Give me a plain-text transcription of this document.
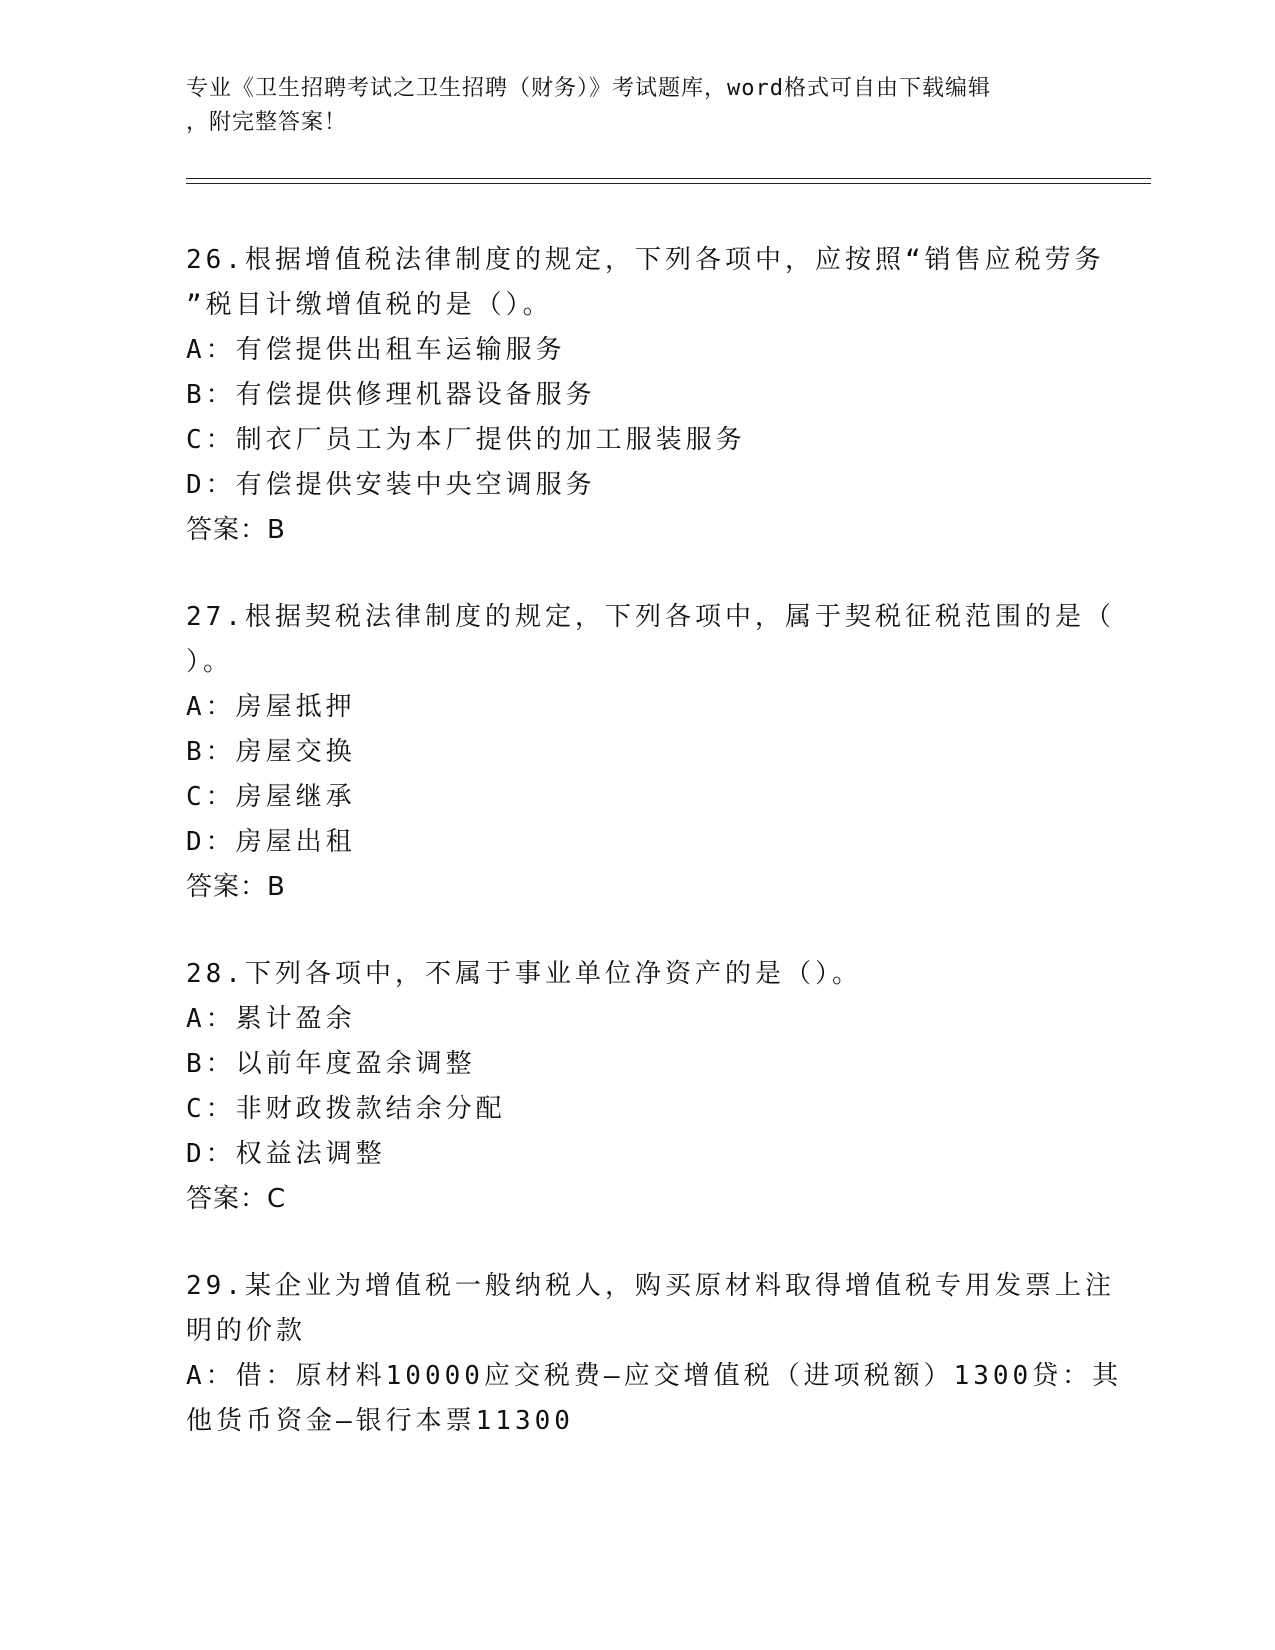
专业《卫生招聘考试之卫生招聘（财务）》考试题库，word格式可自由下载编辑
，附完整答案！
26.根据增值税法律制度的规定，下列各项中，应按照“销售应税劳务
”税目计缴增值税的是（）。
A：有偿提供出租车运输服务
B：有偿提供修理机器设备服务
C：制衣厂员工为本厂提供的加工服装服务
D：有偿提供安装中央空调服务
答案：B
27.根据契税法律制度的规定，下列各项中，属于契税征税范围的是（
）。
A：房屋抵押
B：房屋交换
C：房屋继承
D：房屋出租
答案：B
28.下列各项中，不属于事业单位净资产的是（）。
A：累计盈余
B：以前年度盈余调整
C：非财政拨款结余分配
D：权益法调整
答案：C
29.某企业为增值税一般纳税人，购买原材料取得增值税专用发票上注
明的价款
A：借：原材料10000应交税费—应交增值税（进项税额）1300贷：其
他货币资金—银行本票11300
